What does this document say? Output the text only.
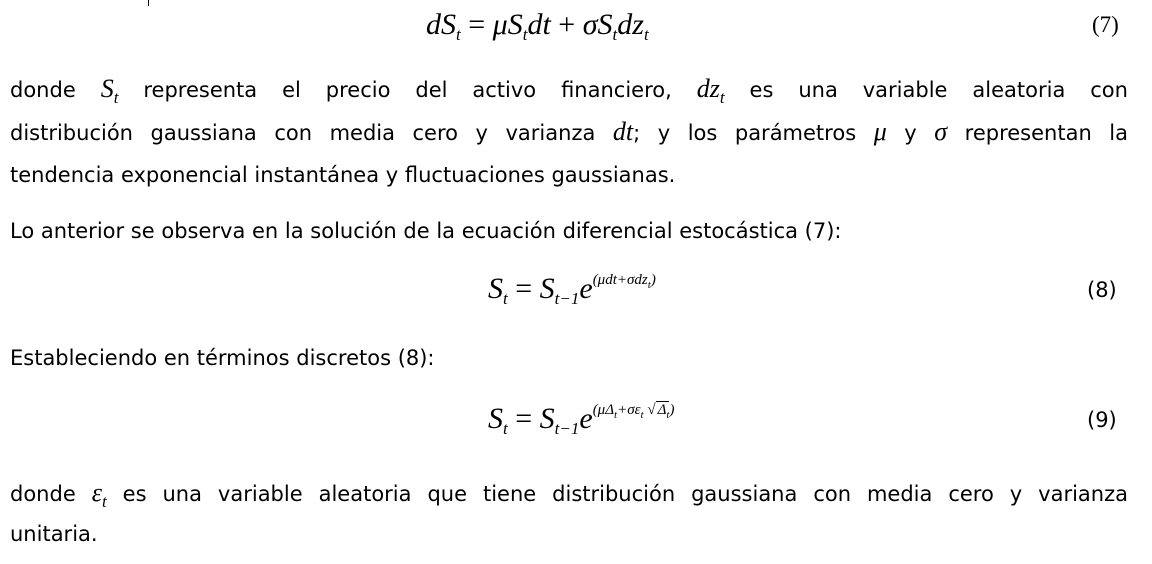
$dS_t = \mu S_tdt + \sigma S_tdz_t$	(7)
donde $S_t$ representa el precio del activo financiero, $dz_t$ es una variable aleatoria con
distribución gaussiana con media cero y varianza dt; y los parámetros μ y σ representan la
tendencia exponencial instantánea y fluctuaciones gaussianas.
Lo anterior se observa en la solución de la ecuación diferencial estocástica (7):
$S_t = S_{t-1}e^{(\mu dt+\sigma dz_t)}$	(8)
Estableciendo en términos discretos (8):
$S_t = S_{t-1}e^{(\mu\Delta_t+\sigma\varepsilon_t √ \Delta_t)}$	(9)
donde $\varepsilon_t$ es una variable aleatoria que tiene distribución gaussiana con media cero y varianza
unitaria.
